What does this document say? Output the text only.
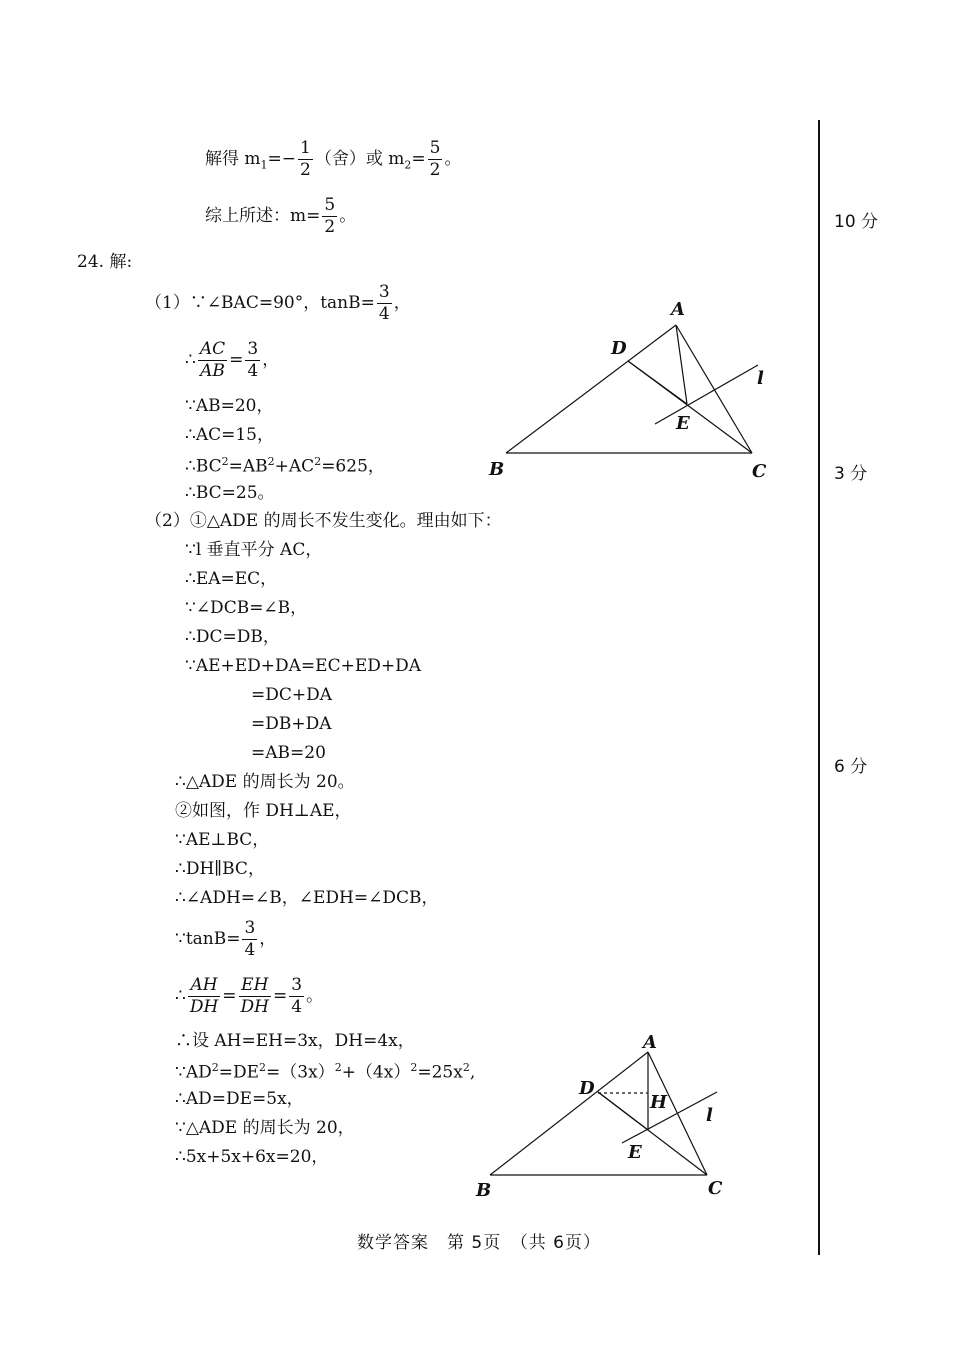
解得 $m_1=- \frac{1}{2}$ （舍）或 $m_2= \frac{5}{2}$ 。
综上所述：$m= \frac{5}{2}$ 。
24. 解:
（1）∵∠BAC=90°，$\tan B= \frac{3}{4}$ ，
∴ $\frac{AC}{AB} = \frac{3}{4}$ ，
∵AB=20，
∴AC=15，
$\therefore BC^2=AB^2+AC^2=625$，
∴BC=25。
（2）①△ADE 的周长不发生变化。理由如下：
∵l 垂直平分 AC，
∴EA=EC，
∵∠DCB=∠B，
∴DC=DB，
∵AE+ED+DA=EC+ED+DA
=DC+DA
=DB+DA
=AB=20
∴△ADE 的周长为 20。
②如图，作 DH⊥AE，
∵AE⊥BC，
∴DH∥BC，
∴∠ADH=∠B，∠EDH=∠DCB，
∵tanB= $\frac{3}{4}$ ，
∴ $\frac{AH}{DH} = \frac{EH}{DH} = \frac{3}{4}$ 。
∴设 AH=EH=3x，DH=4x，
$\because AD^2=DE^2=(3x)^2+(4x)^2=25x^2$,
∴AD=DE=5x，
∵△ADE 的周长为 20，
∴5x+5x+6x=20，
A
B	C
D
E
l
A
B	C
D
E
H
l
10 分
3 分
6 分
数学答案　第 5页　（共 6页）
